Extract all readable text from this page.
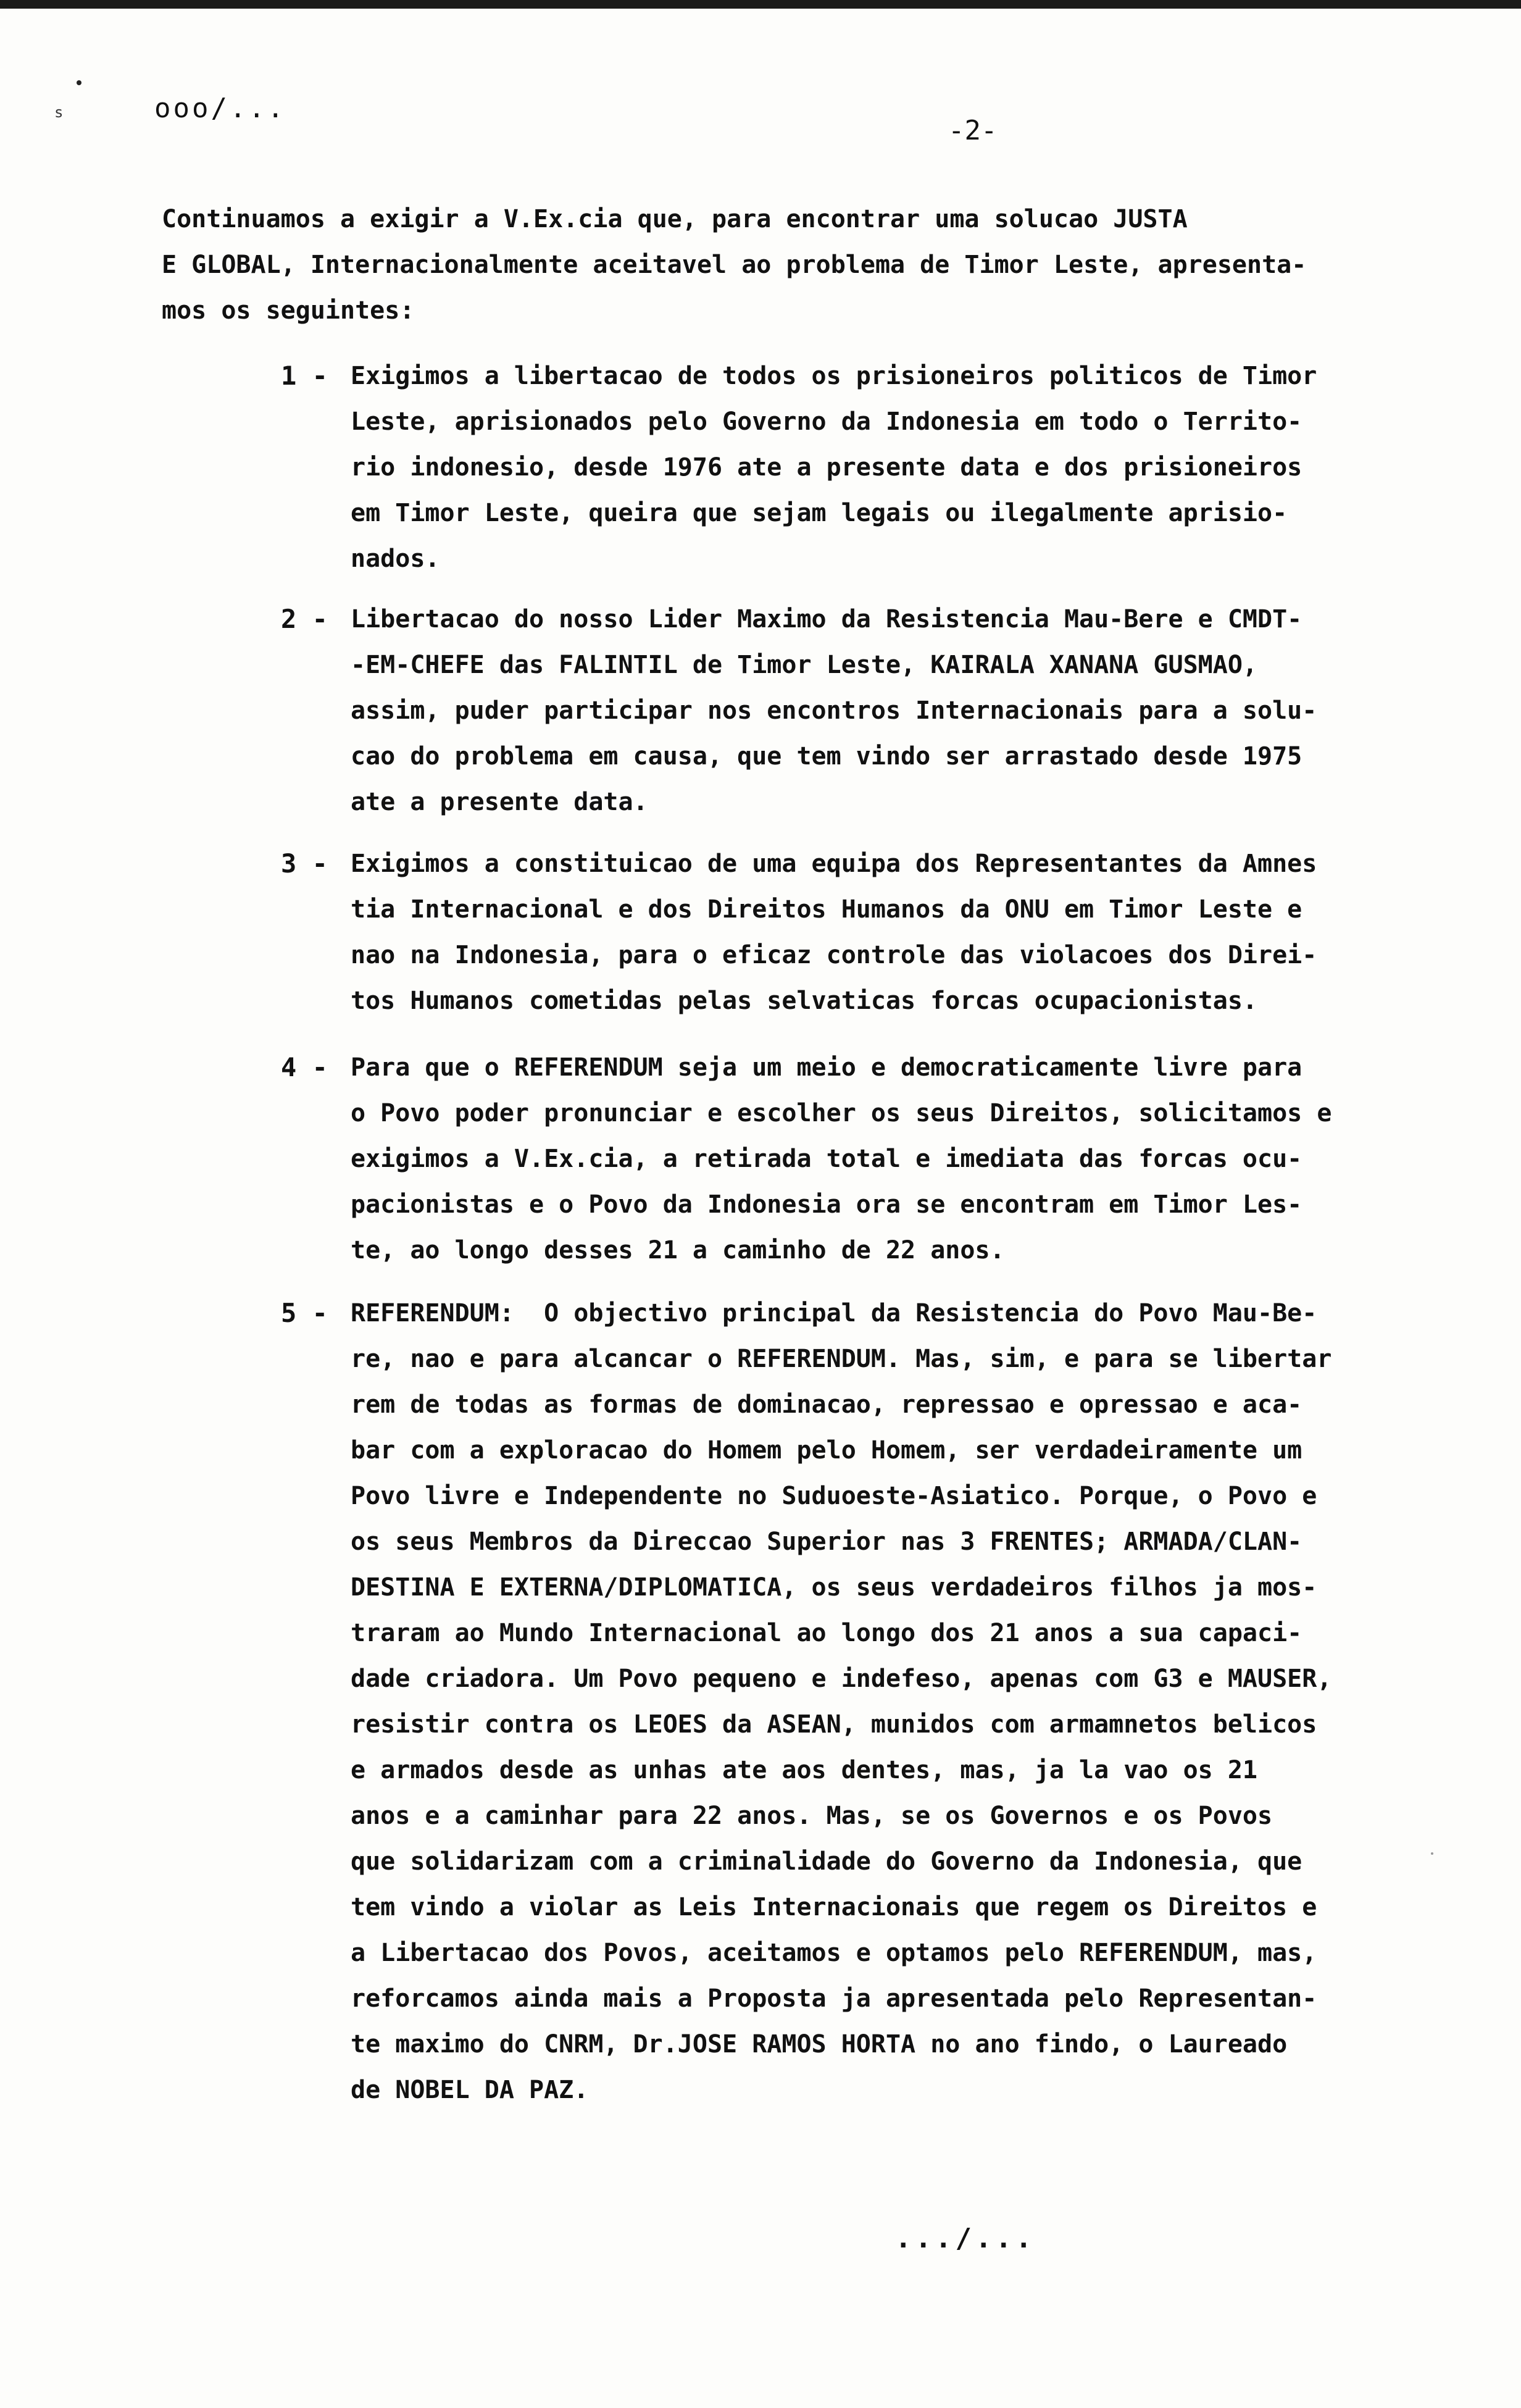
s	ooo/...
-2-
Continuamos a exigir a V.Ex.cia que, para encontrar uma solucao JUSTA
E GLOBAL, Internacionalmente aceitavel ao problema de Timor Leste, apresenta-
mos os seguintes:
1 - Exigimos a libertacao de todos os prisioneiros politicos de Timor
Leste, aprisionados pelo Governo da Indonesia em todo o Territo-
rio indonesio, desde 1976 ate a presente data e dos prisioneiros
em Timor Leste, queira que sejam legais ou ilegalmente aprisio-
nados.
2 - Libertacao do nosso Lider Maximo da Resistencia Mau-Bere e CMDT-
-EM-CHEFE das FALINTIL de Timor Leste, KAIRALA XANANA GUSMAO,
assim, puder participar nos encontros Internacionais para a solu-
cao do problema em causa, que tem vindo ser arrastado desde 1975
ate a presente data.
3 - Exigimos a constituicao de uma equipa dos Representantes da Amnes
tia Internacional e dos Direitos Humanos da ONU em Timor Leste e
nao na Indonesia, para o eficaz controle das violacoes dos Direi-
tos Humanos cometidas pelas selvaticas forcas ocupacionistas.
4 - Para que o REFERENDUM seja um meio e democraticamente livre para
o Povo poder pronunciar e escolher os seus Direitos, solicitamos e
exigimos a V.Ex.cia, a retirada total e imediata das forcas ocu-
pacionistas e o Povo da Indonesia ora se encontram em Timor Les-
te, ao longo desses 21 a caminho de 22 anos.
5 - REFERENDUM:  O objectivo principal da Resistencia do Povo Mau-Be-
re, nao e para alcancar o REFERENDUM. Mas, sim, e para se libertar
rem de todas as formas de dominacao, repressao e opressao e aca-
bar com a exploracao do Homem pelo Homem, ser verdadeiramente um
Povo livre e Independente no Suduoeste-Asiatico. Porque, o Povo e
os seus Membros da Direccao Superior nas 3 FRENTES; ARMADA/CLAN-
DESTINA E EXTERNA/DIPLOMATICA, os seus verdadeiros filhos ja mos-
traram ao Mundo Internacional ao longo dos 21 anos a sua capaci-
dade criadora. Um Povo pequeno e indefeso, apenas com G3 e MAUSER,
resistir contra os LEOES da ASEAN, munidos com armamnetos belicos
e armados desde as unhas ate aos dentes, mas, ja la vao os 21
anos e a caminhar para 22 anos. Mas, se os Governos e os Povos
que solidarizam com a criminalidade do Governo da Indonesia, que
tem vindo a violar as Leis Internacionais que regem os Direitos e
a Libertacao dos Povos, aceitamos e optamos pelo REFERENDUM, mas,
reforcamos ainda mais a Proposta ja apresentada pelo Representan-
te maximo do CNRM, Dr.JOSE RAMOS HORTA no ano findo, o Laureado
de NOBEL DA PAZ.
.../...
